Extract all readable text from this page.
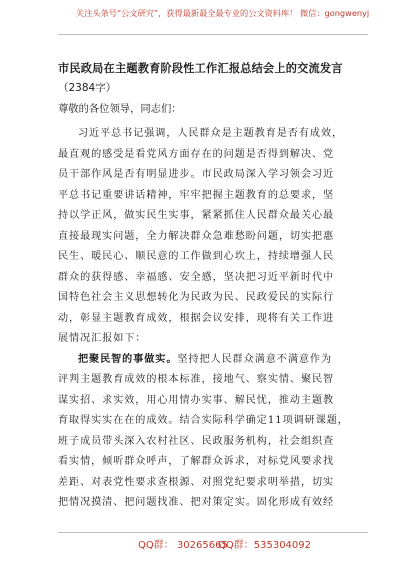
关注头条号“公文研究”，获得最新最全最专业的公文资料库！ 微信：gongwenyj
市民政局在主题教育阶段性工作汇报总结会上的交流发言
（2384字）
尊敬的各位领导，同志们：
习近平总书记强调，人民群众是主题教育是否有成效，
最直观的感受是看党风方面存在的问题是否得到解决、党
员干部作风是否有明显进步。市民政局深入学习领会习近
平总书记重要讲话精神，牢牢把握主题教育的总要求，坚
持以学正风，做实民生实事，紧紧抓住人民群众最关心最
直接最现实问题，全力解决群众急难愁盼问题，切实把惠
民生、暖民心、顺民意的工作做到心坎上，持续增强人民
群众的获得感、幸福感、安全感，坚决把习近平新时代中
国特色社会主义思想转化为民政为民、民政爱民的实际行
动，彰显主题教育成效，根据会议安排，现将有关工作进
展情况汇报如下：
把聚民智的事做实。坚持把人民群众满意不满意作为
评判主题教育成效的根本标准，接地气、察实情、聚民智
谋实招、求实效，用心用情办实事、解民忧，推动主题教
育取得实实在在的成效。结合实际科学确定11项调研课题，
班子成员带头深入农村社区、民政服务机构，社会组织查
看实情，倾听群众呼声，了解群众诉求，对标党风要求找
差距、对表党性要求查根源、对照党纪要求明举措，切实
把情况摸清、把问题找准、把对策定实。固化形成有效经
QQ群： 30265665
QQ群：535304092
